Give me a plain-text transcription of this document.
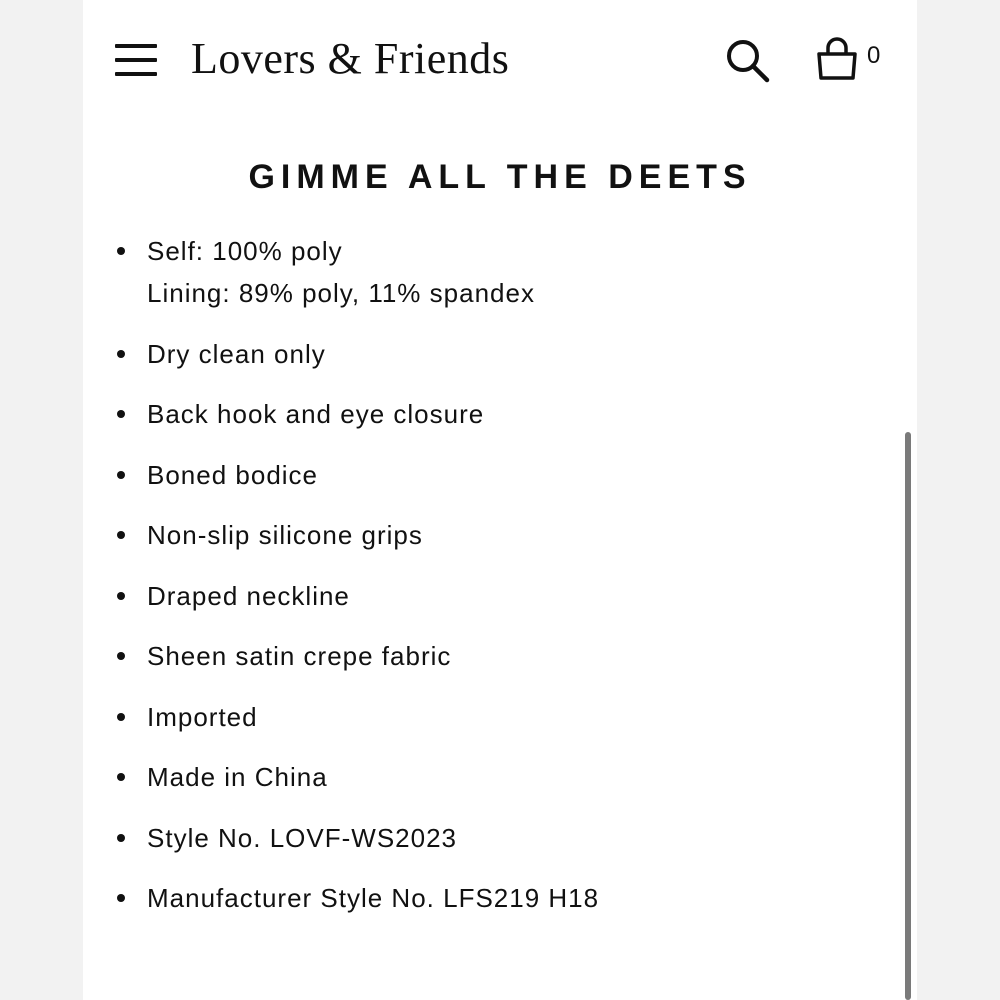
Lovers & Friends	0
GIMME ALL THE DEETS
Self: 100% poly
Lining: 89% poly, 11% spandex
Dry clean only
Back hook and eye closure
Boned bodice
Non-slip silicone grips
Draped neckline
Sheen satin crepe fabric
Imported
Made in China
Style No. LOVF-WS2023
Manufacturer Style No. LFS219 H18
